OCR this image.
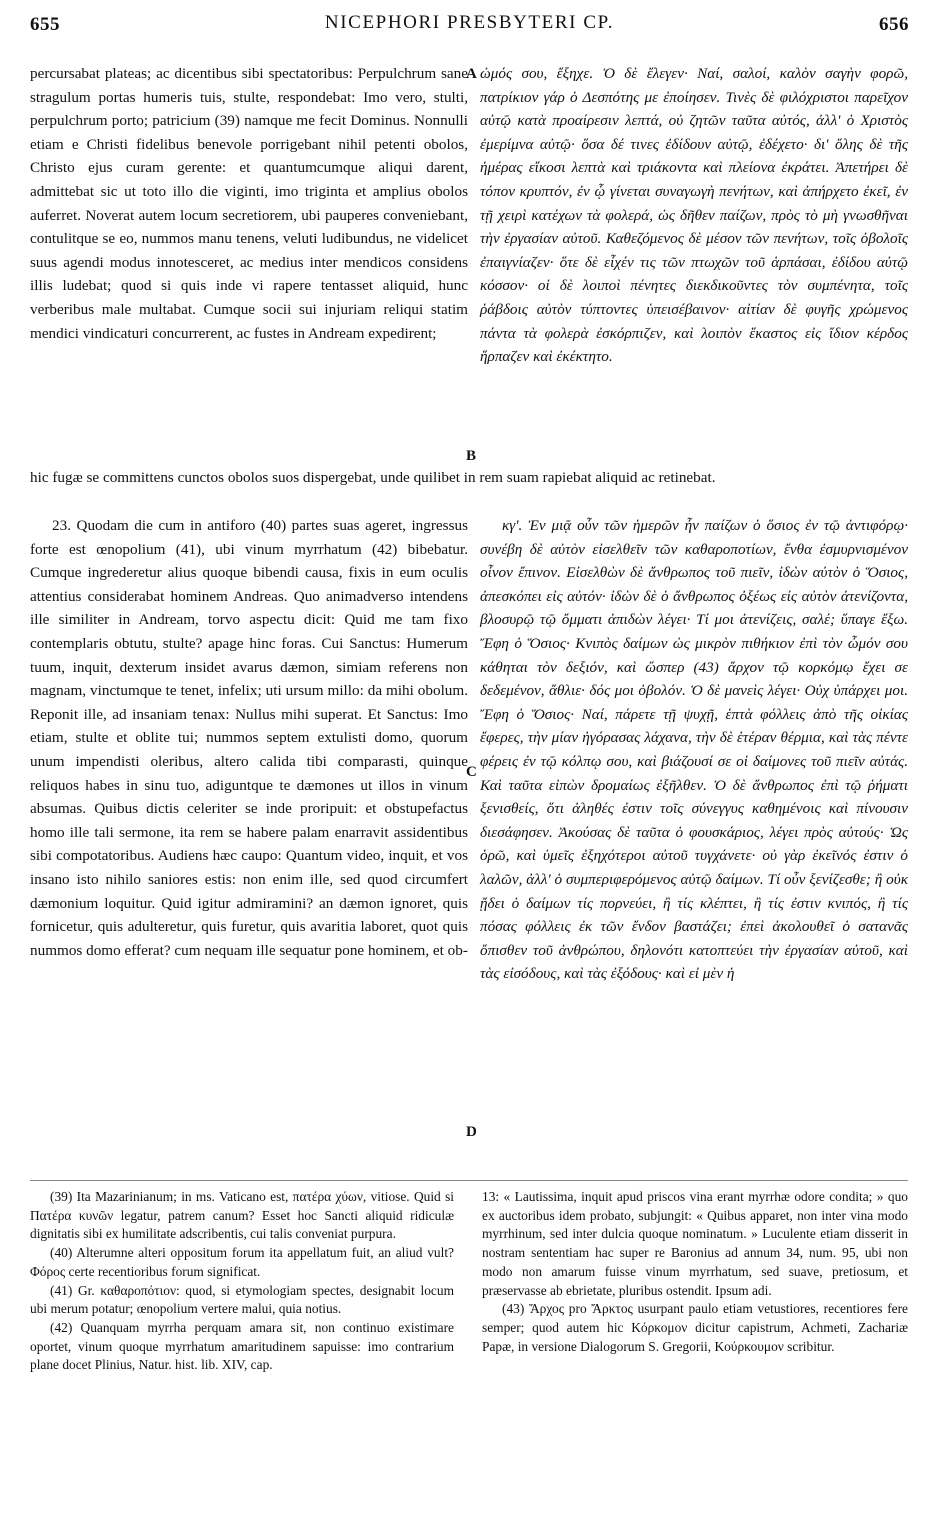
655	NICEPHORI PRESBYTERI CP.	656

percursabat plateas; ac dicentibus sibi spectatoribus: Perpulchrum sane stragulum portas humeris tuis, stulte, respondebat: Imo vero, stulti, perpulchrum porto; patricium (39) namque me fecit Dominus. Nonnulli etiam e Christi fidelibus benevole porrigebant nihil petenti obolos, Christo ejus curam gerente: et quantumcumque aliqui darent, admittebat sic ut toto illo die viginti, imo triginta et amplius obolos auferret. Noverat autem locum secretiorem, ubi pauperes conveniebant, contulitque se eo, nummos manu tenens, veluti ludibundus, ne videlicet suus agendi modus innotesceret, ac medius inter mendicos considens illis ludebat; quod si quis inde vi rapere tentasset aliquid, hunc verberibus male multabat. Cumque socii sui injuriam reliqui statim mendici vindicaturi concurrerent, ac fustes in Andream expedirent;

ὠμός σου, ἔξηχε. Ὁ δὲ ἔλεγεν· Ναί, σαλοί, καλὸν σαγὴν φορῶ, πατρίκιον γάρ ὁ Δεσπότης με ἐποίησεν. Τινὲς δὲ φιλόχριστοι παρεῖχον αὐτῷ κατὰ προαίρεσιν λεπτά, οὐ ζητῶν ταῦτα αὐτός, ἀλλ' ὁ Χριστὸς ἐμερίμνα αὐτῷ· ὅσα δέ τινες ἐδίδουν αὐτῷ, ἐδέχετο· δι' ὅλης δὲ τῆς ἡμέρας εἴκοσι λεπτὰ καὶ τριάκοντα καὶ πλείονα ἐκράτει. Ἀπετήρει δὲ τόπον κρυπτόν, ἐν ᾧ γίνεται συναγωγὴ πενήτων, καὶ ἀπήρχετο ἐκεῖ, ἐν τῇ χειρὶ κατέχων τὰ φολερά, ὡς δῆθεν παίζων, πρὸς τὸ μὴ γνωσθῆναι τὴν ἐργασίαν αὐτοῦ. Καθεζόμενος δὲ μέσον τῶν πενήτων, τοῖς ὀβολοῖς ἐπαιγνίαζεν· ὅτε δὲ εἶχέν τις τῶν πτωχῶν τοῦ ἁρπάσαι, ἐδίδου αὐτῷ κόσσον· οἱ δὲ λοιποὶ πένητες διεκδικοῦντες τὸν συμπένητα, τοῖς ῥάβδοις αὐτὸν τύπτοντες ὑπεισέβαινον· αἰτίαν δὲ φυγῆς χρώμενος πάντα τὰ φολερὰ ἐσκόρπιζεν, καὶ λοιπὸν ἕκαστος εἰς ἴδιον κέρδος ἥρπαζεν καὶ ἐκέκτητο.

A
B

hic fugæ se committens cunctos obolos suos dispergebat, unde quilibet in rem suam rapiebat aliquid ac retinebat.

23. Quodam die cum in antiforo (40) partes suas ageret, ingressus forte est œnopolium (41), ubi vinum myrrhatum (42) bibebatur. Cumque ingrederetur alius quoque bibendi causa, fixis in eum oculis attentius considerabat hominem Andreas. Quo animadverso intendens ille similiter in Andream, torvo aspectu dicit: Quid me tam fixo contemplaris obtutu, stulte? apage hinc foras. Cui Sanctus: Humerum tuum, inquit, dexterum insidet avarus dæmon, simiam referens non magnam, vinctumque te tenet, infelix; uti ursum millo: da mihi obolum. Reponit ille, ad insaniam tenax: Nullus mihi superat. Et Sanctus: Imo etiam, stulte et oblite tui; nummos septem extulisti domo, quorum unum impendisti oleribus, altero calida tibi comparasti, quinque reliquos habes in sinu tuo, adiguntque te dæmones ut illos in vinum absumas. Quibus dictis celeriter se inde proripuit: et obstupefactus homo ille tali sermone, ita rem se habere palam enarravit assidentibus sibi compotatoribus. Audiens hæc caupo: Quantum video, inquit, et vos insano isto nihilo saniores estis: non enim ille, sed quod circumfert dæmonium loquitur. Quid igitur admiramini? an dæmon ignoret, quis fornicetur, quis adulteretur, quis furetur, quis avaritia laboret, quot quis nummos domo efferat? cum nequam ille sequatur pone hominem, et ob-

κγ'. Ἐν μιᾷ οὖν τῶν ἡμερῶν ἦν παίζων ὁ ὅσιος ἐν τῷ ἀντιφόρῳ· συνέβη δὲ αὐτὸν εἰσελθεῖν τῶν καθαροποτίων, ἔνθα ἐσμυρνισμένον οἶνον ἔπινον. Εἰσελθὼν δὲ ἄνθρωπος τοῦ πιεῖν, ἰδὼν αὐτὸν ὁ Ὅσιος, ἀπεσκόπει εἰς αὐτόν· ἰδὼν δὲ ὁ ἄνθρωπος ὀξέως εἰς αὐτὸν ἀτενίζοντα, βλοσυρῷ τῷ ὄμματι ἀπιδὼν λέγει· Τί μοι ἀτενίζεις, σαλέ; ὕπαγε ἔξω. Ἔφη ὁ Ὅσιος· Κνιπὸς δαίμων ὡς μικρὸν πιθήκιον ἐπὶ τὸν ὦμόν σου κάθηται τὸν δεξιόν, καὶ ὥσπερ (43) ἄρχον τῷ κορκόμῳ ἔχει σε δεδεμένον, ἄθλιε· δός μοι ὀβολόν. Ὁ δὲ μανεὶς λέγει· Οὐχ ὑπάρχει μοι. Ἔφη ὁ Ὅσιος· Ναί, πάρετε τῇ ψυχῇ, ἑπτὰ φόλλεις ἀπὸ τῆς οἰκίας ἔφερες, τὴν μίαν ἠγόρασας λάχανα, τὴν δὲ ἑτέραν θέρμια, καὶ τὰς πέντε φέρεις ἐν τῷ κόλπῳ σου, καὶ βιάζουσί σε οἱ δαίμονες τοῦ πιεῖν αὐτάς. Καὶ ταῦτα εἰπὼν δρομαίως ἐξῆλθεν. Ὁ δὲ ἄνθρωπος ἐπὶ τῷ ῥήματι ξενισθείς, ὅτι ἀληθές ἐστιν τοῖς σύνεγγυς καθημένοις καὶ πίνουσιν διεσάφησεν. Ἀκούσας δὲ ταῦτα ὁ φουσκάριος, λέγει πρὸς αὐτούς· Ὡς ὁρῶ, καὶ ὑμεῖς ἐξηχότεροι αὐτοῦ τυγχάνετε· οὐ γὰρ ἐκεῖνός ἐστιν ὁ λαλῶν, ἀλλ' ὁ συμπεριφερόμενος αὐτῷ δαίμων. Τί οὖν ξενίζεσθε; ἢ οὐκ ᾔδει ὁ δαίμων τίς πορνεύει, ἢ τίς κλέπτει, ἢ τίς ἐστιν κνιπός, ἢ τίς πόσας φόλλεις ἐκ τῶν ἔνδον βαστάζει; ἐπεὶ ἀκολουθεῖ ὁ σατανᾶς ὄπισθεν τοῦ ἀνθρώπου, δηλονότι κατοπτεύει τὴν ἐργασίαν αὐτοῦ, καὶ τὰς εἰσόδους, καὶ τὰς ἐξόδους· καὶ εἰ μὲν ἡ

C
D

(39) Ita Mazarinianum; in ms. Vaticano est, πατέρα χύων, vitiose. Quid si Πατέρα κυνῶν legatur, patrem canum? Esset hoc Sancti aliquid ridiculæ dignitatis sibi ex humilitate adscribentis, cui talis conveniat purpura.

(40) Alterumne alteri oppositum forum ita appellatum fuit, an aliud vult? Φόρος certe recentioribus forum significat.

(41) Gr. καθαροπότιον: quod, si etymologiam spectes, designabit locum ubi merum potatur; œnopolium vertere malui, quia notius.

(42) Quanquam myrrha perquam amara sit, non continuo existimare oportet, vinum quoque myrrhatum amaritudinem sapuisse: imo contrarium plane docet Plinius, Natur. hist. lib. XIV, cap.

13: « Lautissima, inquit apud priscos vina erant myrrhæ odore condita; » quo ex auctoribus idem probato, subjungit: « Quibus apparet, non inter vina modo myrrhinum, sed inter dulcia quoque nominatum. » Luculente etiam disserit in nostram sententiam hac super re Baronius ad annum 34, num. 95, ubi non modo non amarum fuisse vinum myrrhatum, sed suave, pretiosum, et præservasse ab ebrietate, pluribus ostendit. Ipsum adi.

(43) Ἄρχος pro Ἄρκτος usurpant paulo etiam vetustiores, recentiores fere semper; quod autem hic Κόρκομον dicitur capistrum, Achmeti, Zachariæ Papæ, in versione Dialogorum S. Gregorii, Κούρκουμον scribitur.
